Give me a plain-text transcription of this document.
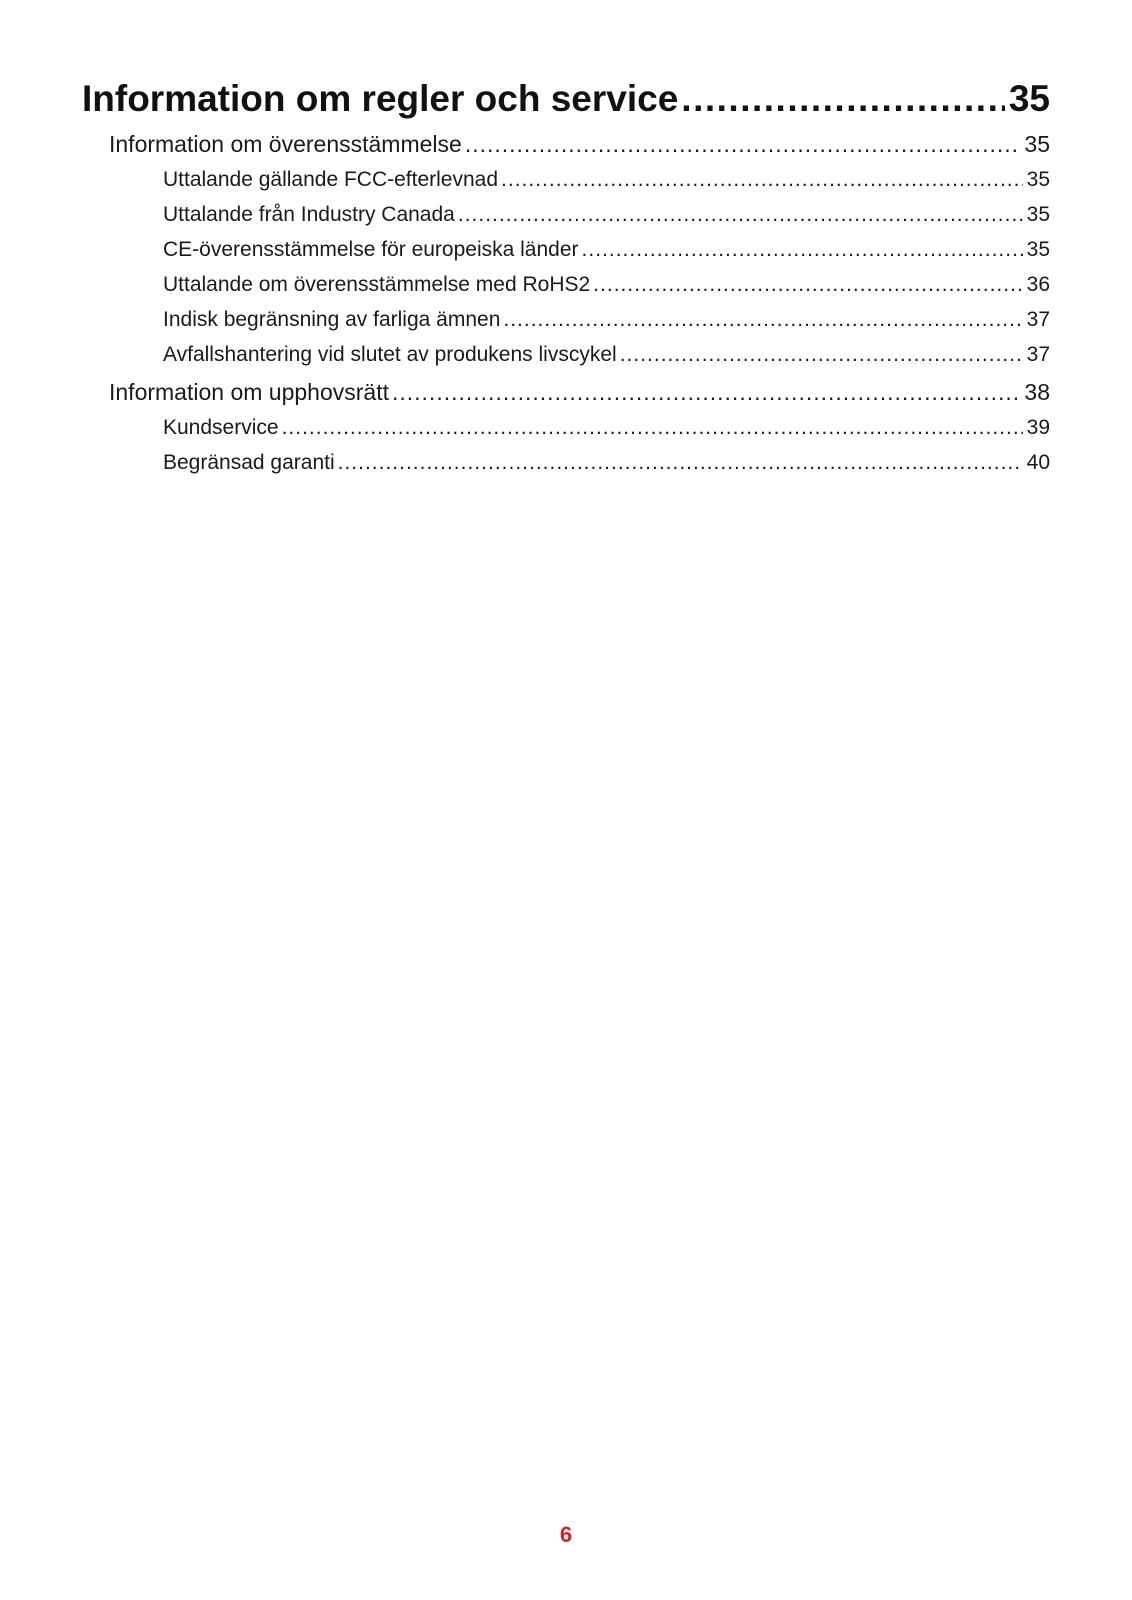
Information om regler och service .....	35
Information om överensstämmelse .....	35
Uttalande gällande FCC-efterlevnad .....	35
Uttalande från Industry Canada .....	35
CE-överensstämmelse för europeiska länder .....	35
Uttalande om överensstämmelse med RoHS2 .....	36
Indisk begränsning av farliga ämnen .....	37
Avfallshantering vid slutet av produkens livscykel .....	37
Information om upphovsrätt .....	38
Kundservice .....	39
Begränsad garanti .....	40
6
